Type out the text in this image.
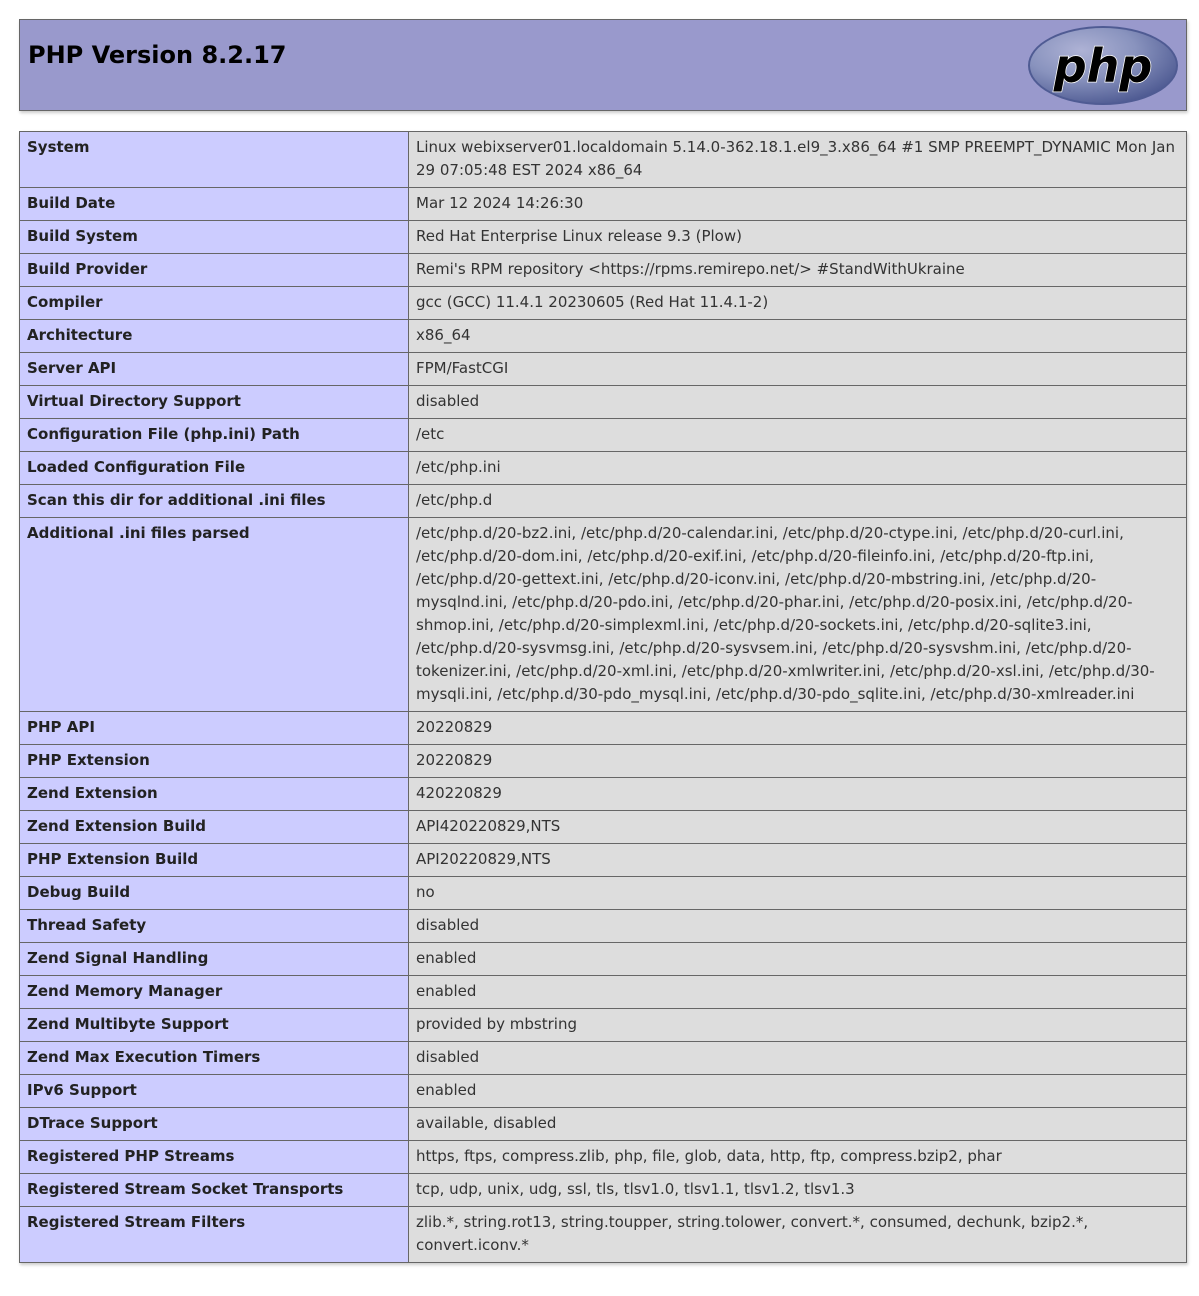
PHP Version 8.2.17	php
System	Linux webixserver01.localdomain 5.14.0-362.18.1.el9_3.x86_64 #1 SMP PREEMPT_DYNAMIC Mon Jan 29 07:05:48 EST 2024 x86_64
Build Date	Mar 12 2024 14:26:30
Build System	Red Hat Enterprise Linux release 9.3 (Plow)
Build Provider	Remi's RPM repository <https://rpms.remirepo.net/> #StandWithUkraine
Compiler	gcc (GCC) 11.4.1 20230605 (Red Hat 11.4.1-2)
Architecture	x86_64
Server API	FPM/FastCGI
Virtual Directory Support	disabled
Configuration File (php.ini) Path	/etc
Loaded Configuration File	/etc/php.ini
Scan this dir for additional .ini files	/etc/php.d
Additional .ini files parsed	/etc/php.d/20-bz2.ini, /etc/php.d/20-calendar.ini, /etc/php.d/20-ctype.ini, /etc/php.d/20-curl.ini, /etc/php.d/20-dom.ini, /etc/php.d/20-exif.ini, /etc/php.d/20-fileinfo.ini, /etc/php.d/20-ftp.ini, /etc/php.d/20-gettext.ini, /etc/php.d/20-iconv.ini, /etc/php.d/20-mbstring.ini, /etc/php.d/20-mysqlnd.ini, /etc/php.d/20-pdo.ini, /etc/php.d/20-phar.ini, /etc/php.d/20-posix.ini, /etc/php.d/20-shmop.ini, /etc/php.d/20-simplexml.ini, /etc/php.d/20-sockets.ini, /etc/php.d/20-sqlite3.ini, /etc/php.d/20-sysvmsg.ini, /etc/php.d/20-sysvsem.ini, /etc/php.d/20-sysvshm.ini, /etc/php.d/20-tokenizer.ini, /etc/php.d/20-xml.ini, /etc/php.d/20-xmlwriter.ini, /etc/php.d/20-xsl.ini, /etc/php.d/30-mysqli.ini, /etc/php.d/30-pdo_mysql.ini, /etc/php.d/30-pdo_sqlite.ini, /etc/php.d/30-xmlreader.ini
PHP API	20220829
PHP Extension	20220829
Zend Extension	420220829
Zend Extension Build	API420220829,NTS
PHP Extension Build	API20220829,NTS
Debug Build	no
Thread Safety	disabled
Zend Signal Handling	enabled
Zend Memory Manager	enabled
Zend Multibyte Support	provided by mbstring
Zend Max Execution Timers	disabled
IPv6 Support	enabled
DTrace Support	available, disabled
Registered PHP Streams	https, ftps, compress.zlib, php, file, glob, data, http, ftp, compress.bzip2, phar
Registered Stream Socket Transports	tcp, udp, unix, udg, ssl, tls, tlsv1.0, tlsv1.1, tlsv1.2, tlsv1.3
Registered Stream Filters	zlib.*, string.rot13, string.toupper, string.tolower, convert.*, consumed, dechunk, bzip2.*, convert.iconv.*
